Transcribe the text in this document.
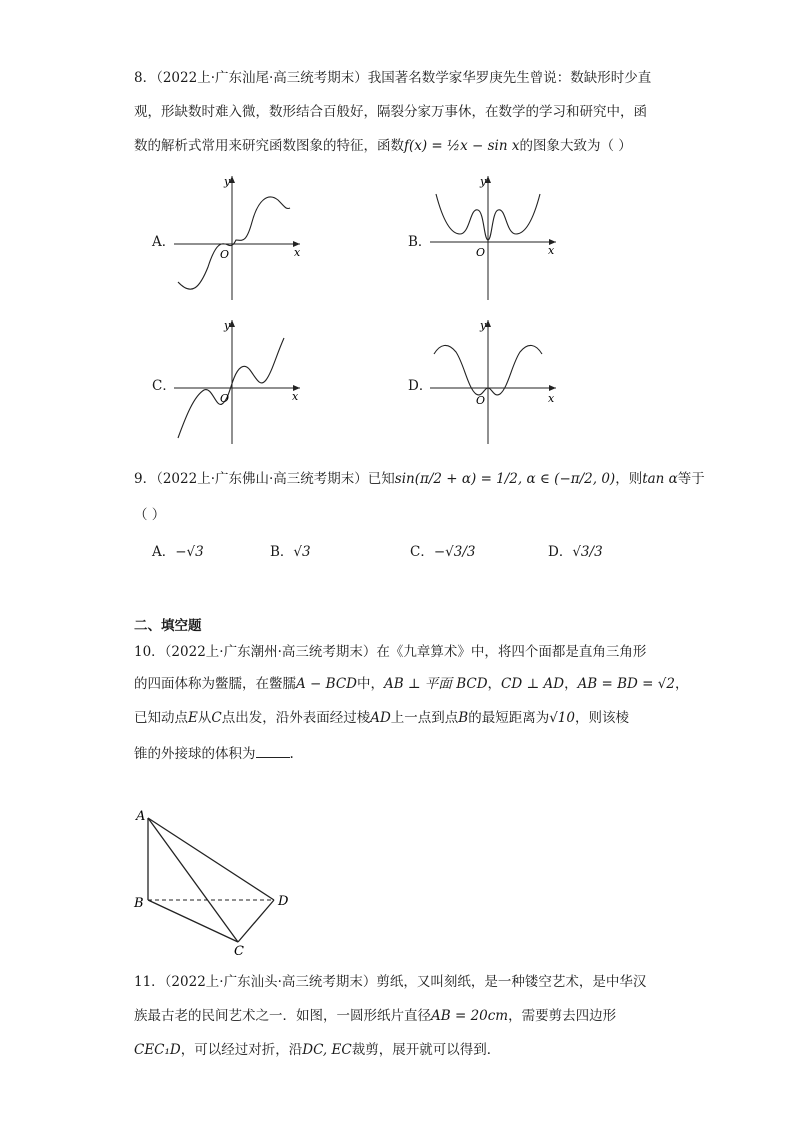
8．（2022上·广东汕尾·高三统考期末）我国著名数学家华罗庚先生曾说：数缺形时少直
观，形缺数时难入微，数形结合百般好，隔裂分家万事休，在数学的学习和研究中，函
数的解析式常用来研究函数图象的特征，函数f(x) = ½x − sin x的图象大致为（ ）
A．	B．
C．	D．
x
y
O	x
y
O
x
y
O	x
y
O
9．（2022上·广东佛山·高三统考期末）已知sin(π/2 + α) = 1/2, α ∈ (−π/2, 0)，则tan α等于
（ ）
A．−√3	B．√3	C．−√3/3	D．√3/3
二、填空题
10．（2022上·广东潮州·高三统考期末）在《九章算术》中，将四个面都是直角三角形
的四面体称为鳖臑，在鳖臑A − BCD中，AB ⊥ 平面 BCD，CD ⊥ AD，AB = BD = √2，
已知动点E从C点出发，沿外表面经过棱AD上一点到点B的最短距离为√10，则该棱
锥的外接球的体积为	.
A
B
C
D
11．（2022上·广东汕头·高三统考期末）剪纸，又叫刻纸，是一种镂空艺术，是中华汉
族最古老的民间艺术之一．如图，一圆形纸片直径AB = 20cm，需要剪去四边形
CEC₁D，可以经过对折，沿DC, EC裁剪，展开就可以得到．
